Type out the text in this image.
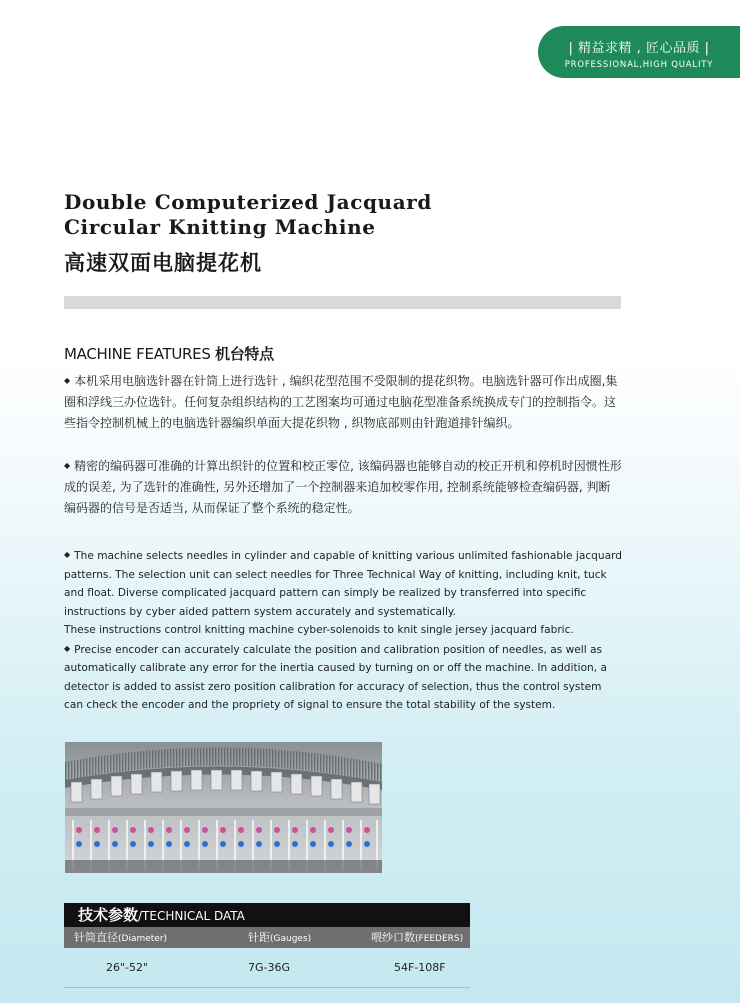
| 精益求精 , 匠心品质 |
PROFESSIONAL,HIGH QUALITY
Double Computerized Jacquard
Circular Knitting Machine
高速双面电脑提花机
MACHINE FEATURES 机台特点
◆ 本机采用电脑选针器在针筒上进行选针 , 编织花型范围不受限制的提花织物。电脑选针器可作出成圈,集圈和浮线三办位选针。任何复杂组织结构的工艺图案均可通过电脑花型准备系统换成专门的控制指令。这些指令控制机械上的电脑选针器编织单面大提花织物 , 织物底部则由针跑道排针编织。
◆ 精密的编码器可准确的计算出织针的位置和校正零位, 该编码器也能够自动的校正开机和停机时因惯性形成的误差, 为了选针的准确性, 另外还增加了一个控制器来追加校零作用, 控制系统能够检查编码器, 判断编码器的信号是否适当, 从而保证了整个系统的稳定性。
◆ The machine selects needles in cylinder and capable of knitting various unlimited fashionable jacquard patterns. The selection unit can select needles for Three Technical Way of knitting, including knit, tuck and float. Diverse complicated jacquard pattern can simply be realized by transferred into specific instructions by cyber aided pattern system accurately and systematically.
These instructions control knitting machine cyber-solenoids to knit single jersey jacquard fabric.
◆ Precise encoder can accurately calculate the position and calibration position of needles, as well as automatically calibrate any error for the inertia caused by turning on or off the machine. In addition, a detector is added to assist zero position calibration for accuracy of selection, thus the control system can check the encoder and the propriety of signal to ensure the total stability of the system.
技术参数/TECHNICAL DATA
针筒直径(Diameter)	针距(Gauges)	喂纱口数(FEEDERS)
26"-52"	7G-36G	54F-108F
